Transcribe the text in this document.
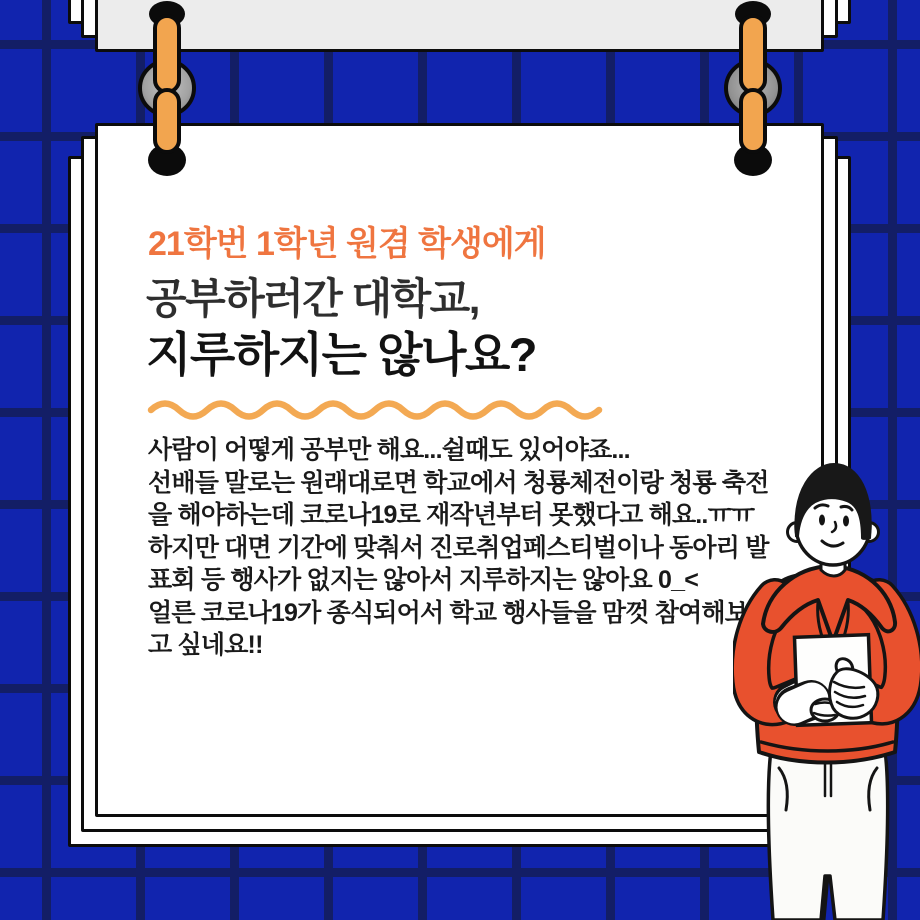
21학번 1학년 원겸 학생에게
공부하러간 대학교,
지루하지는 않나요?
사람이 어떻게 공부만 해요...쉴때도 있어야죠...
선배들 말로는 원래대로면 학교에서 청룡체전이랑 청룡 축전
을 해야하는데 코로나19로 재작년부터 못했다고 해요..ㅠㅠ
하지만 대면 기간에 맞춰서 진로취업페스티벌이나 동아리 발
표회 등 행사가 없지는 않아서 지루하지는 않아요 0_<
얼른 코로나19가 종식되어서 학교 행사들을 맘껏 참여해보
고 싶네요!!
